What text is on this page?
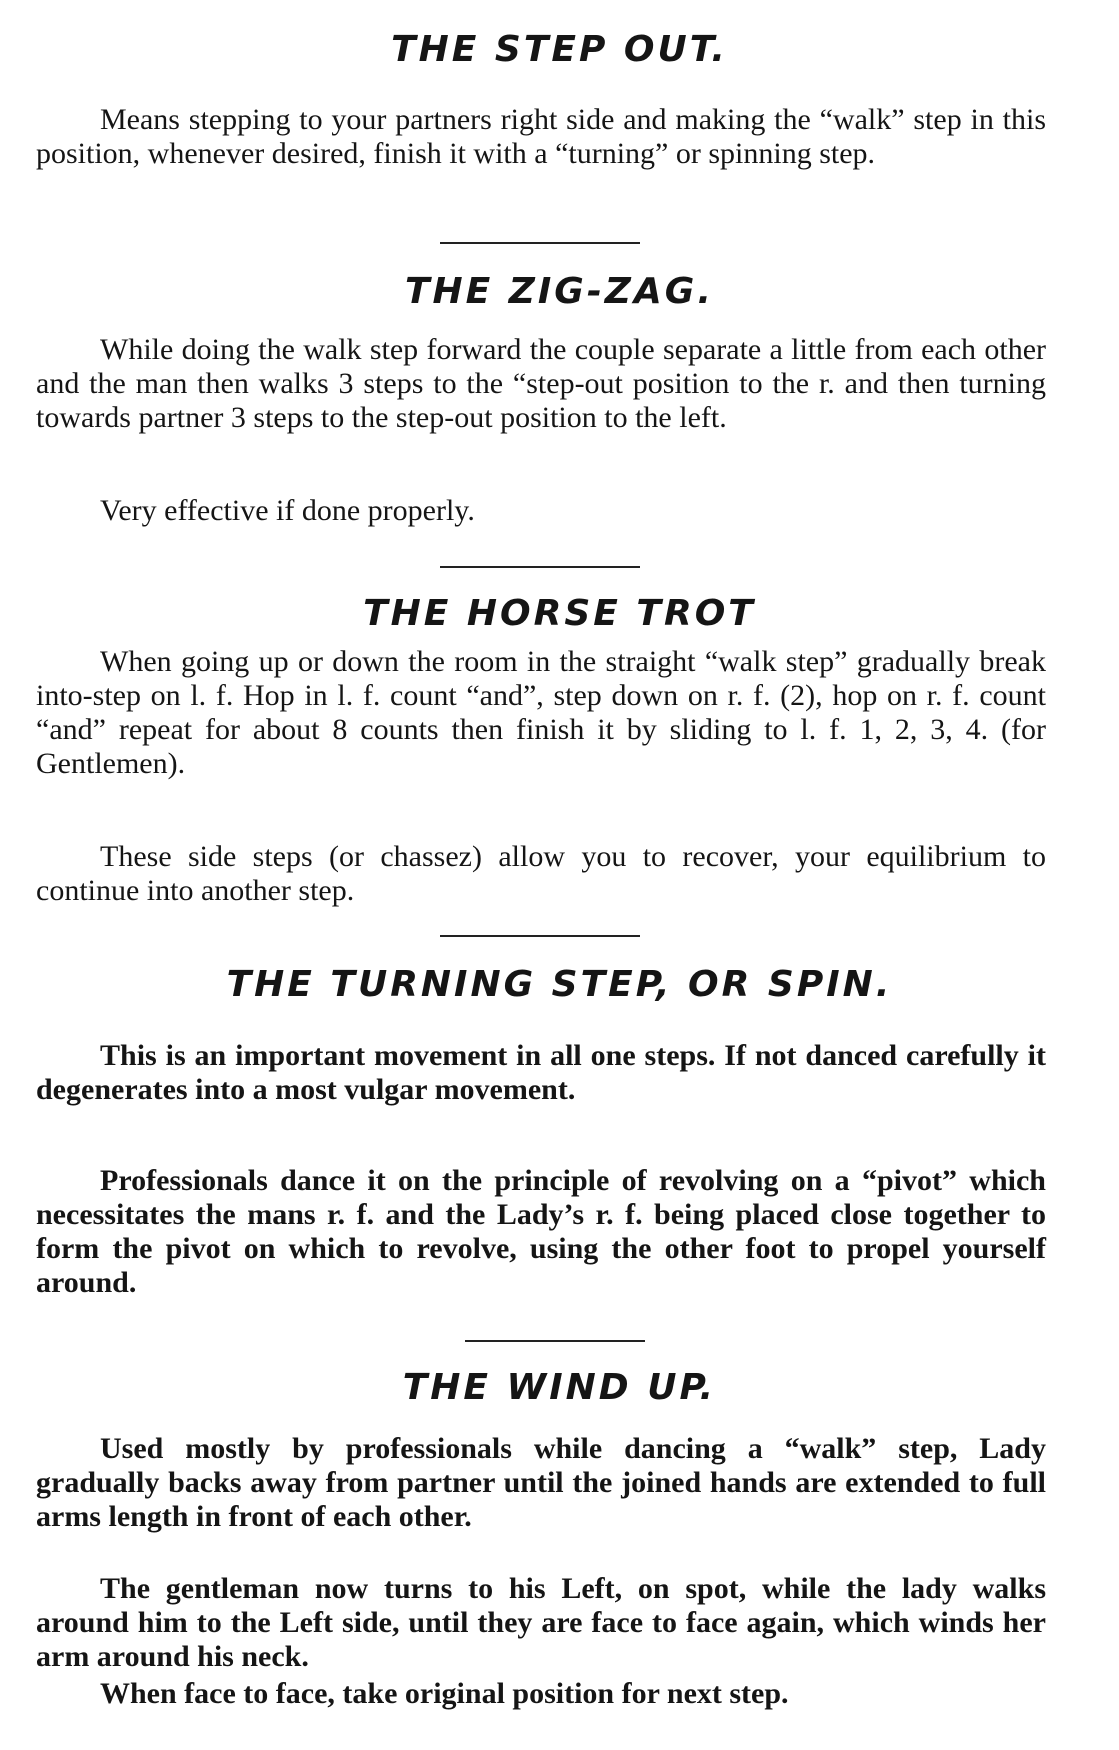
THE STEP OUT.

Means stepping to your partners right side and making the “walk” step in this position, whenever desired, finish it with a “turning” or spinning step.

THE ZIG-ZAG.

While doing the walk step forward the couple separate a little from each other and the man then walks 3 steps to the “step-out position to the r. and then turning towards partner 3 steps to the step-out position to the left.

Very effective if done properly.

THE HORSE TROT

When going up or down the room in the straight “walk step” gradually break into-step on l. f. Hop in l. f. count “and”, step down on r. f. (2), hop on r. f. count “and” repeat for about 8 counts then finish it by sliding to l. f. 1, 2, 3, 4. (for Gentlemen).

These side steps (or chassez) allow you to recover, your equilibrium to continue into another step.

THE TURNING STEP, OR SPIN.

This is an important movement in all one steps. If not danced carefully it degenerates into a most vulgar movement.

Professionals dance it on the principle of revolving on a “pivot” which necessitates the mans r. f. and the Lady’s r. f. being placed close together to form the pivot on which to revolve, using the other foot to propel yourself around.

THE WIND UP.

Used mostly by professionals while dancing a “walk” step, Lady gradually backs away from partner until the joined hands are extended to full arms length in front of each other.

The gentleman now turns to his Left, on spot, while the lady walks around him to the Left side, until they are face to face again, which winds her arm around his neck.

When face to face, take original position for next step.
